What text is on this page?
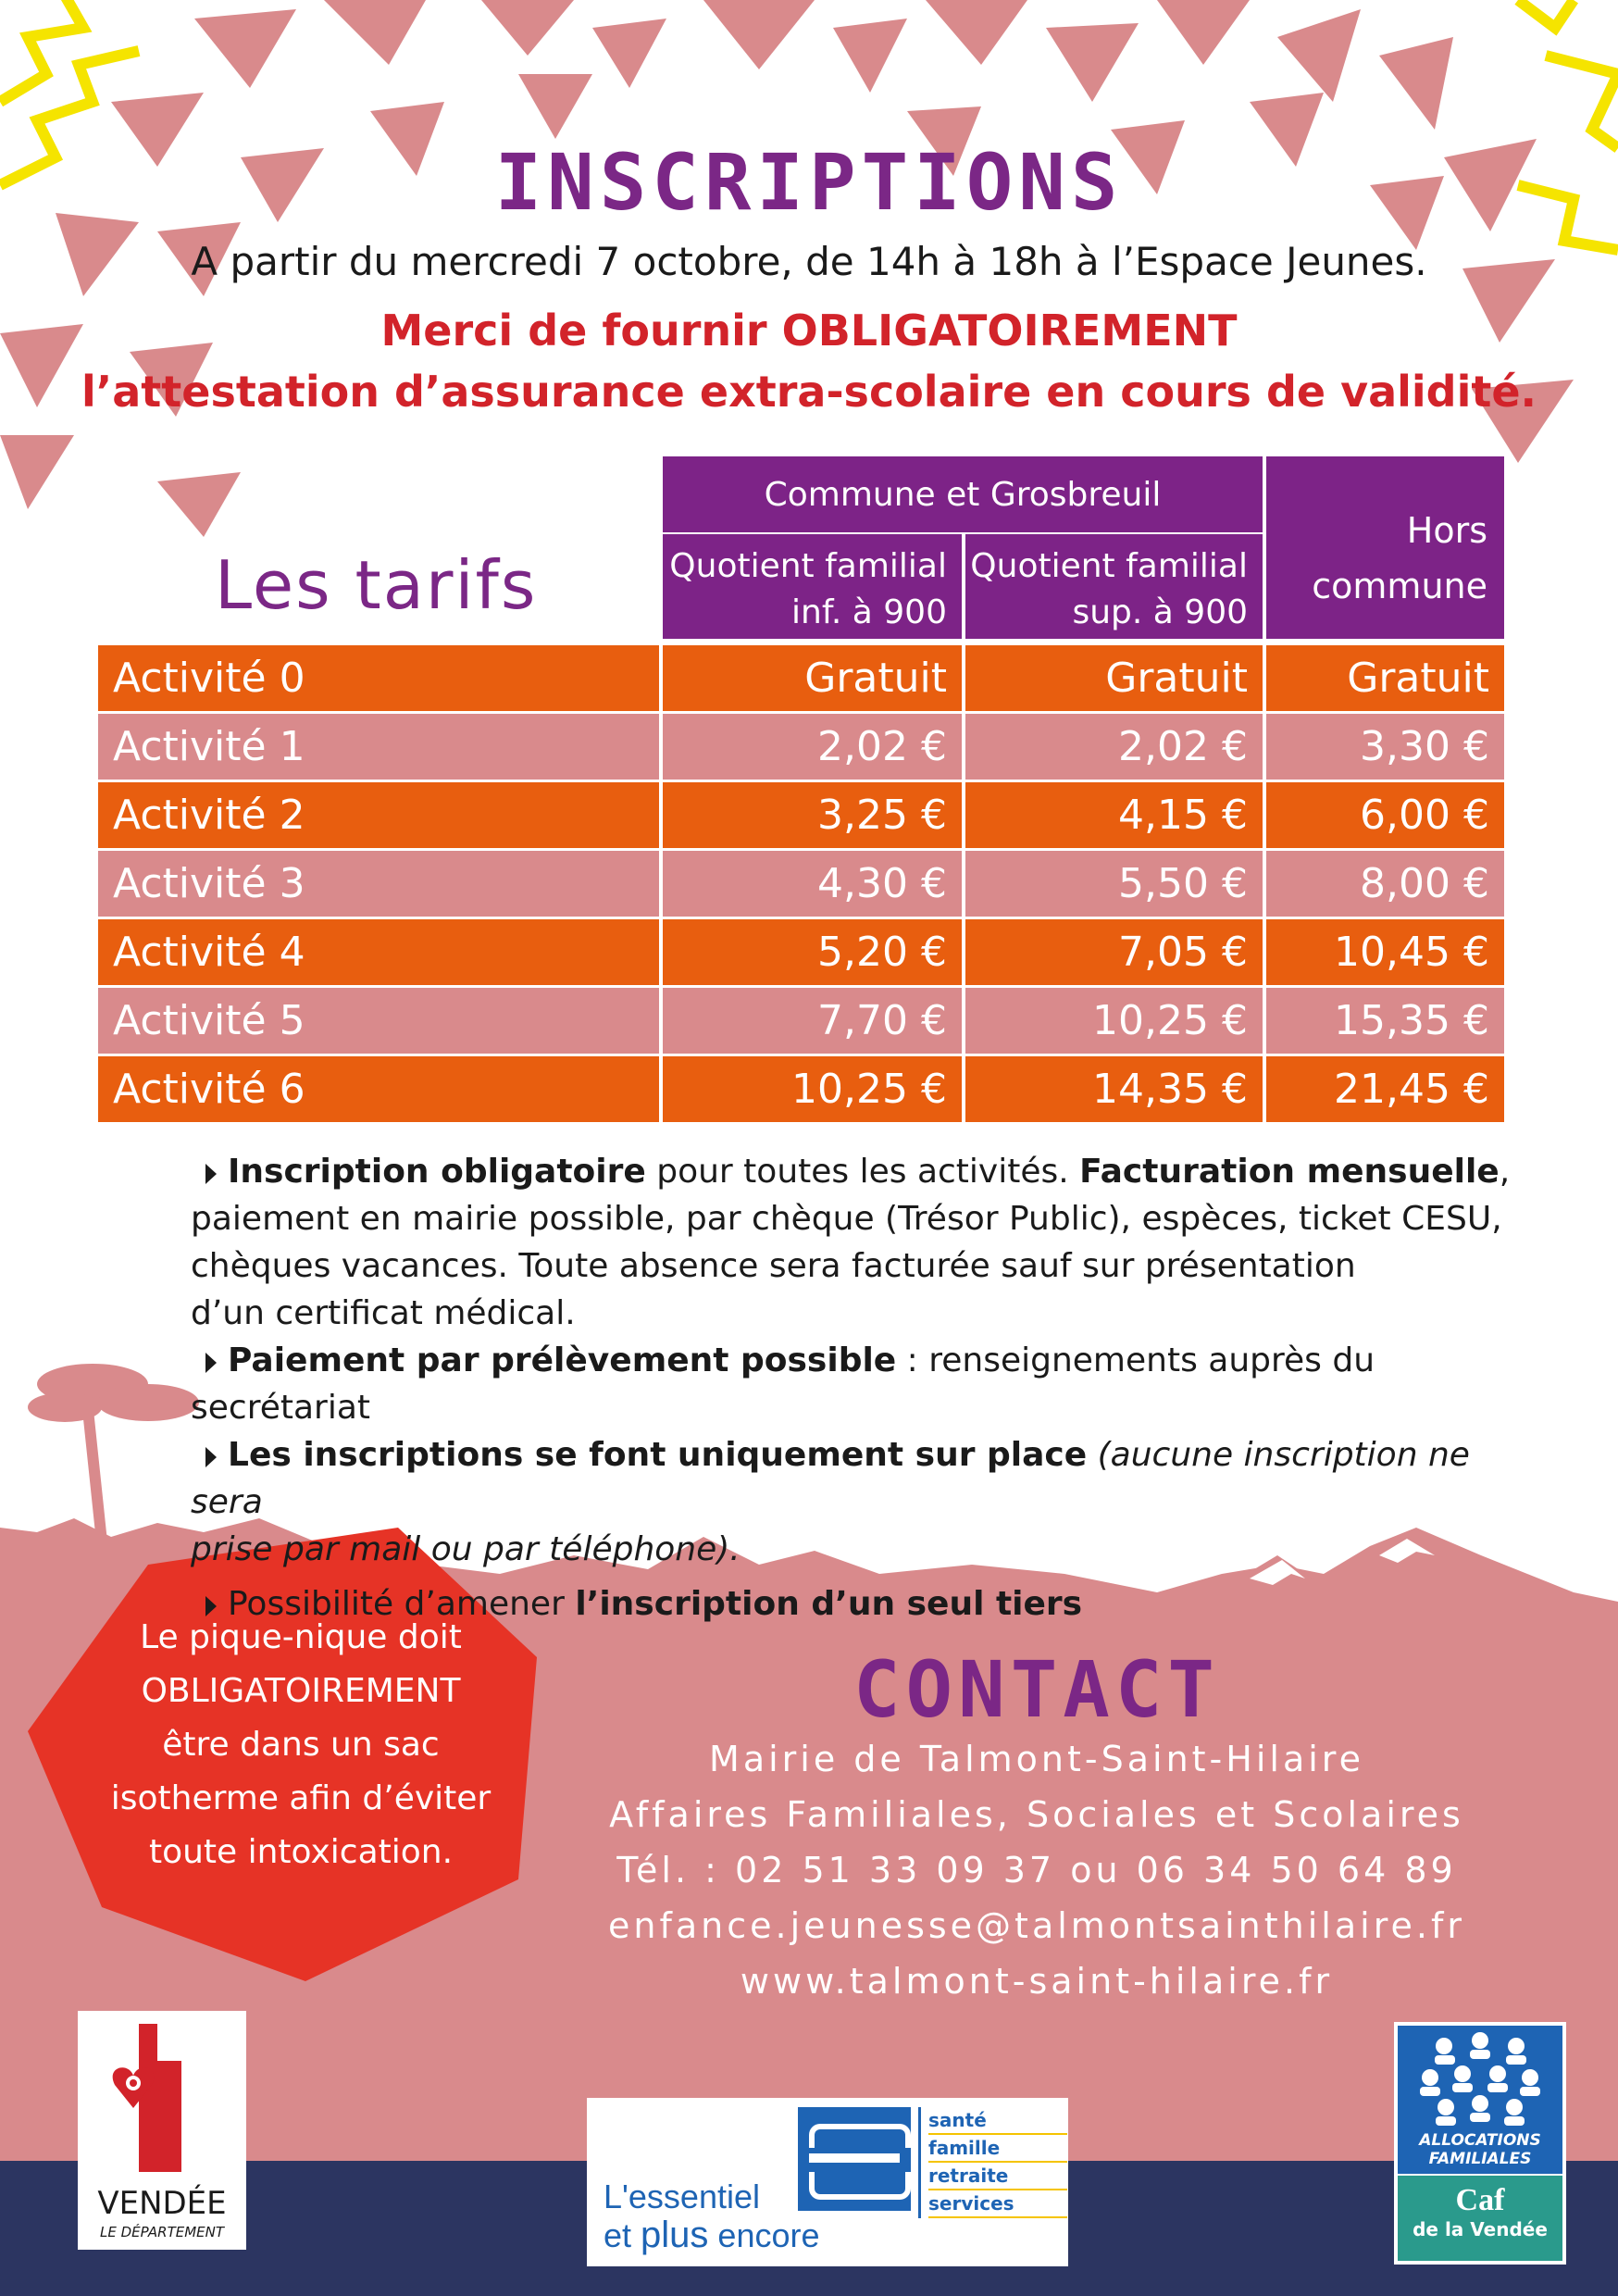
INSCRIPTIONS
A partir du mercredi 7 octobre, de 14h à 18h à l’Espace Jeunes.
Merci de fournir OBLIGATOIREMENT
l’attestation d’assurance extra-scolaire en cours de validité.
Les tarifs
Commune et Grosbreuil
Quotient familial
inf. à 900
Quotient familial
sup. à 900
Hors
commune
Activité 0	Gratuit	Gratuit	Gratuit
Activité 1	2,02 €	2,02 €	3,30 €
Activité 2	3,25 €	4,15 €	6,00 €
Activité 3	4,30 €	5,50 €	8,00 €
Activité 4	5,20 €	7,05 €	10,45 €
Activité 5	7,70 €	10,25 €	15,35 €
Activité 6	10,25 €	14,35 €	21,45 €

Inscription obligatoire pour toutes les activités. Facturation mensuelle,

paiement en mairie possible, par chèque (Trésor Public), espèces, ticket CESU,

chèques vacances. Toute absence sera facturée sauf sur présentation

d’un certificat médical.

Paiement par prélèvement possible : renseignements auprès du secrétariat

Les inscriptions se font uniquement sur place (aucune inscription ne sera

prise par mail ou par téléphone).

Possibilité d’amener l’inscription d’un seul tiers

Le pique-nique doit
OBLIGATOIREMENT
être dans un sac
isotherme afin d’éviter
toute intoxication.
CONTACT
Mairie de Talmont-Saint-Hilaire
Affaires Familiales, Sociales et Scolaires
Tél. : 02 51 33 09 37 ou 06 34 50 64 89
enfance.jeunesse@talmontsainthilaire.fr
www.talmont-saint-hilaire.fr
VENDÉE
LE DÉPARTEMENT
santé
famille
retraite
services
L'essentiel
et plus encore
ALLOCATIONS
FAMILIALES
Caf
de la Vendée
